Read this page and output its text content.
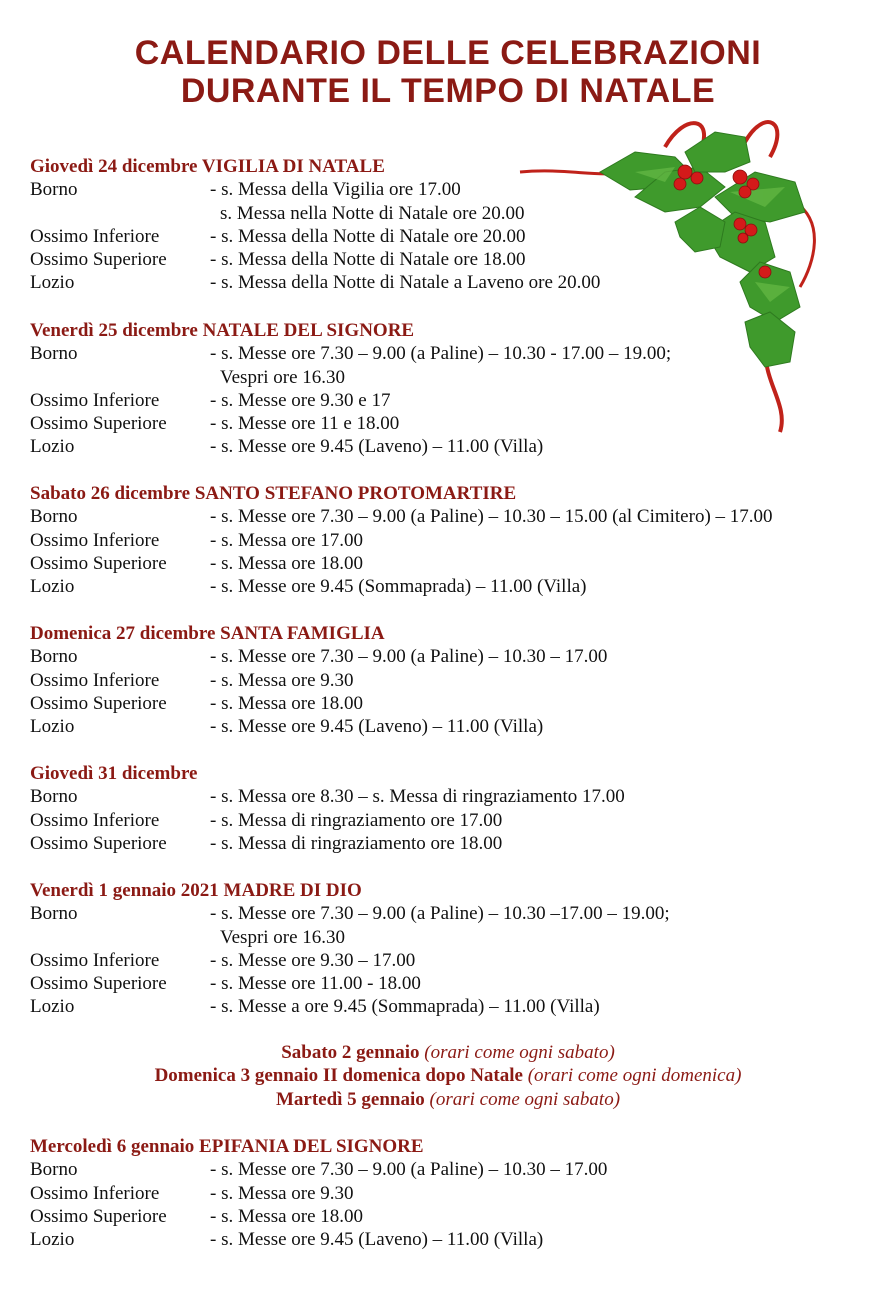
CALENDARIO DELLE CELEBRAZIONI
DURANTE IL TEMPO DI NATALE
Giovedì 24 dicembre VIGILIA DI NATALE
Borno	- s. Messa della Vigilia ore 17.00
s. Messa nella Notte di Natale ore 20.00
Ossimo Inferiore	- s. Messa della Notte di Natale ore 20.00
Ossimo Superiore - s. Messa della Notte di Natale ore 18.00
Lozio	- s. Messa della Notte di Natale a Laveno ore 20.00
Venerdì 25 dicembre NATALE DEL SIGNORE
Borno	- s. Messe ore 7.30 – 9.00 (a Paline) – 10.30 - 17.00 – 19.00;
Vespri ore 16.30
Ossimo Inferiore	- s. Messe ore 9.30 e 17
Ossimo Superiore - s. Messe ore 11 e 18.00
Lozio	- s. Messe ore 9.45 (Laveno) – 11.00 (Villa)
Sabato 26 dicembre SANTO STEFANO PROTOMARTIRE
Borno	- s. Messe ore 7.30 – 9.00 (a Paline) – 10.30 – 15.00 (al Cimitero) – 17.00
Ossimo Inferiore	- s. Messa ore 17.00
Ossimo Superiore - s. Messa ore 18.00
Lozio	- s. Messe ore 9.45 (Sommaprada) – 11.00 (Villa)
Domenica 27 dicembre SANTA FAMIGLIA
Borno	- s. Messe ore 7.30 – 9.00 (a Paline) – 10.30 – 17.00
Ossimo Inferiore	- s. Messa ore 9.30
Ossimo Superiore - s. Messa ore 18.00
Lozio	- s. Messe ore 9.45 (Laveno) – 11.00 (Villa)
Giovedì 31 dicembre
Borno	- s. Messa ore 8.30 – s. Messa di ringraziamento 17.00
Ossimo Inferiore	- s. Messa di ringraziamento ore 17.00
Ossimo Superiore - s. Messa di ringraziamento ore 18.00
Venerdì 1 gennaio 2021 MADRE DI DIO
Borno	- s. Messe ore 7.30 – 9.00 (a Paline) – 10.30 –17.00 – 19.00;
Vespri ore 16.30
Ossimo Inferiore	- s. Messe ore 9.30 – 17.00
Ossimo Superiore - s. Messe ore 11.00 - 18.00
Lozio	- s. Messe a ore 9.45 (Sommaprada) – 11.00 (Villa)
Mercoledì 6 gennaio EPIFANIA DEL SIGNORE
Borno	- s. Messe ore 7.30 – 9.00 (a Paline) – 10.30 – 17.00
Ossimo Inferiore	- s. Messa ore 9.30
Ossimo Superiore - s. Messa ore 18.00
Lozio	- s. Messe ore 9.45 (Laveno) – 11.00 (Villa)
Sabato 2 gennaio (orari come ogni sabato)
Domenica 3 gennaio II domenica dopo Natale (orari come ogni domenica)
Martedì 5 gennaio (orari come ogni sabato)
